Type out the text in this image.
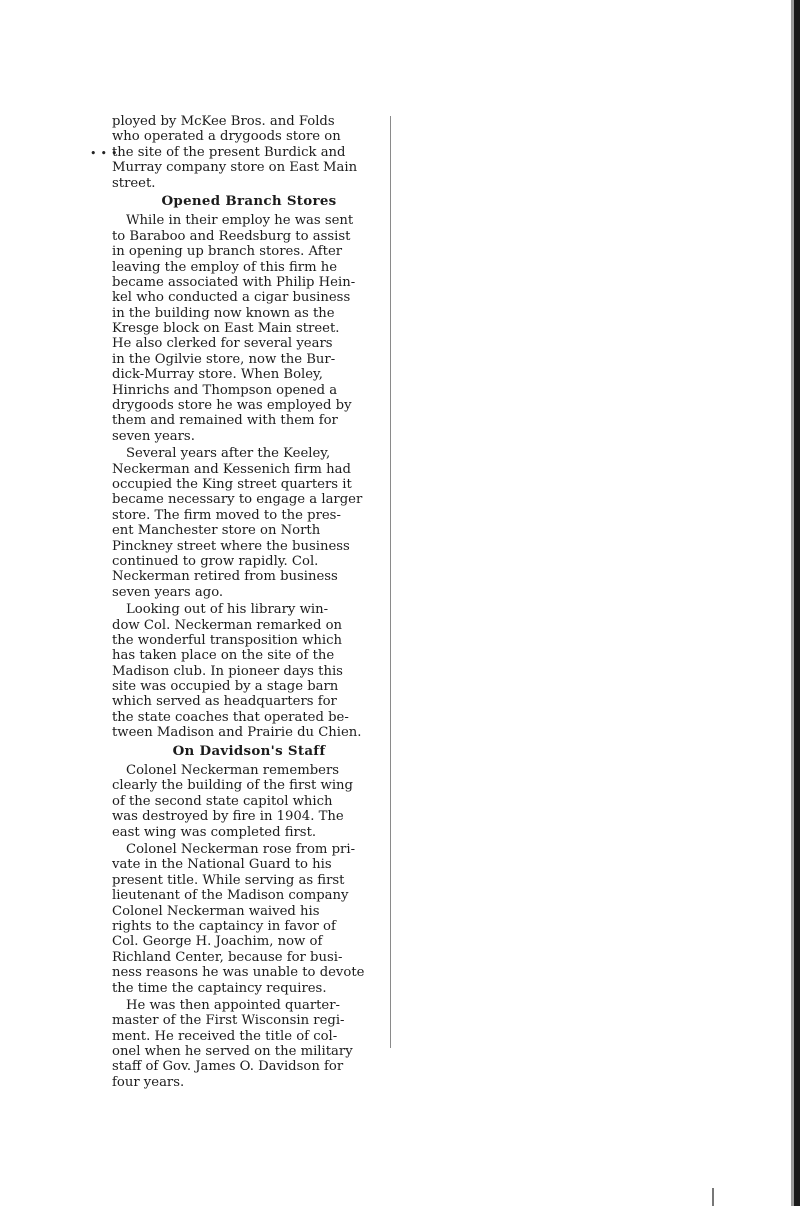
•••
ployed by McKee Bros. and Folds
who operated a drygoods store on
the site of the present Burdick and
Murray company store on East Main
street.
Opened Branch Stores
While in their employ he was sent
to Baraboo and Reedsburg to assist
in opening up branch stores. After
leaving the employ of this firm he
became associated with Philip Hein-
kel who conducted a cigar business
in the building now known as the
Kresge block on East Main street.
He also clerked for several years
in the Ogilvie store, now the Bur-
dick-Murray store. When Boley,
Hinrichs and Thompson opened a
drygoods store he was employed by
them and remained with them for
seven years.
Several years after the Keeley,
Neckerman and Kessenich firm had
occupied the King street quarters it
became necessary to engage a larger
store. The firm moved to the pres-
ent Manchester store on North
Pinckney street where the business
continued to grow rapidly. Col.
Neckerman retired from business
seven years ago.
Looking out of his library win-
dow Col. Neckerman remarked on
the wonderful transposition which
has taken place on the site of the
Madison club. In pioneer days this
site was occupied by a stage barn
which served as headquarters for
the state coaches that operated be-
tween Madison and Prairie du Chien.
On Davidson's Staff
Colonel Neckerman remembers
clearly the building of the first wing
of the second state capitol which
was destroyed by fire in 1904. The
east wing was completed first.
Colonel Neckerman rose from pri-
vate in the National Guard to his
present title. While serving as first
lieutenant of the Madison company
Colonel Neckerman waived his
rights to the captaincy in favor of
Col. George H. Joachim, now of
Richland Center, because for busi-
ness reasons he was unable to devote
the time the captaincy requires.
He was then appointed quarter-
master of the First Wisconsin regi-
ment. He received the title of col-
onel when he served on the military
staff of Gov. James O. Davidson for
four years.
